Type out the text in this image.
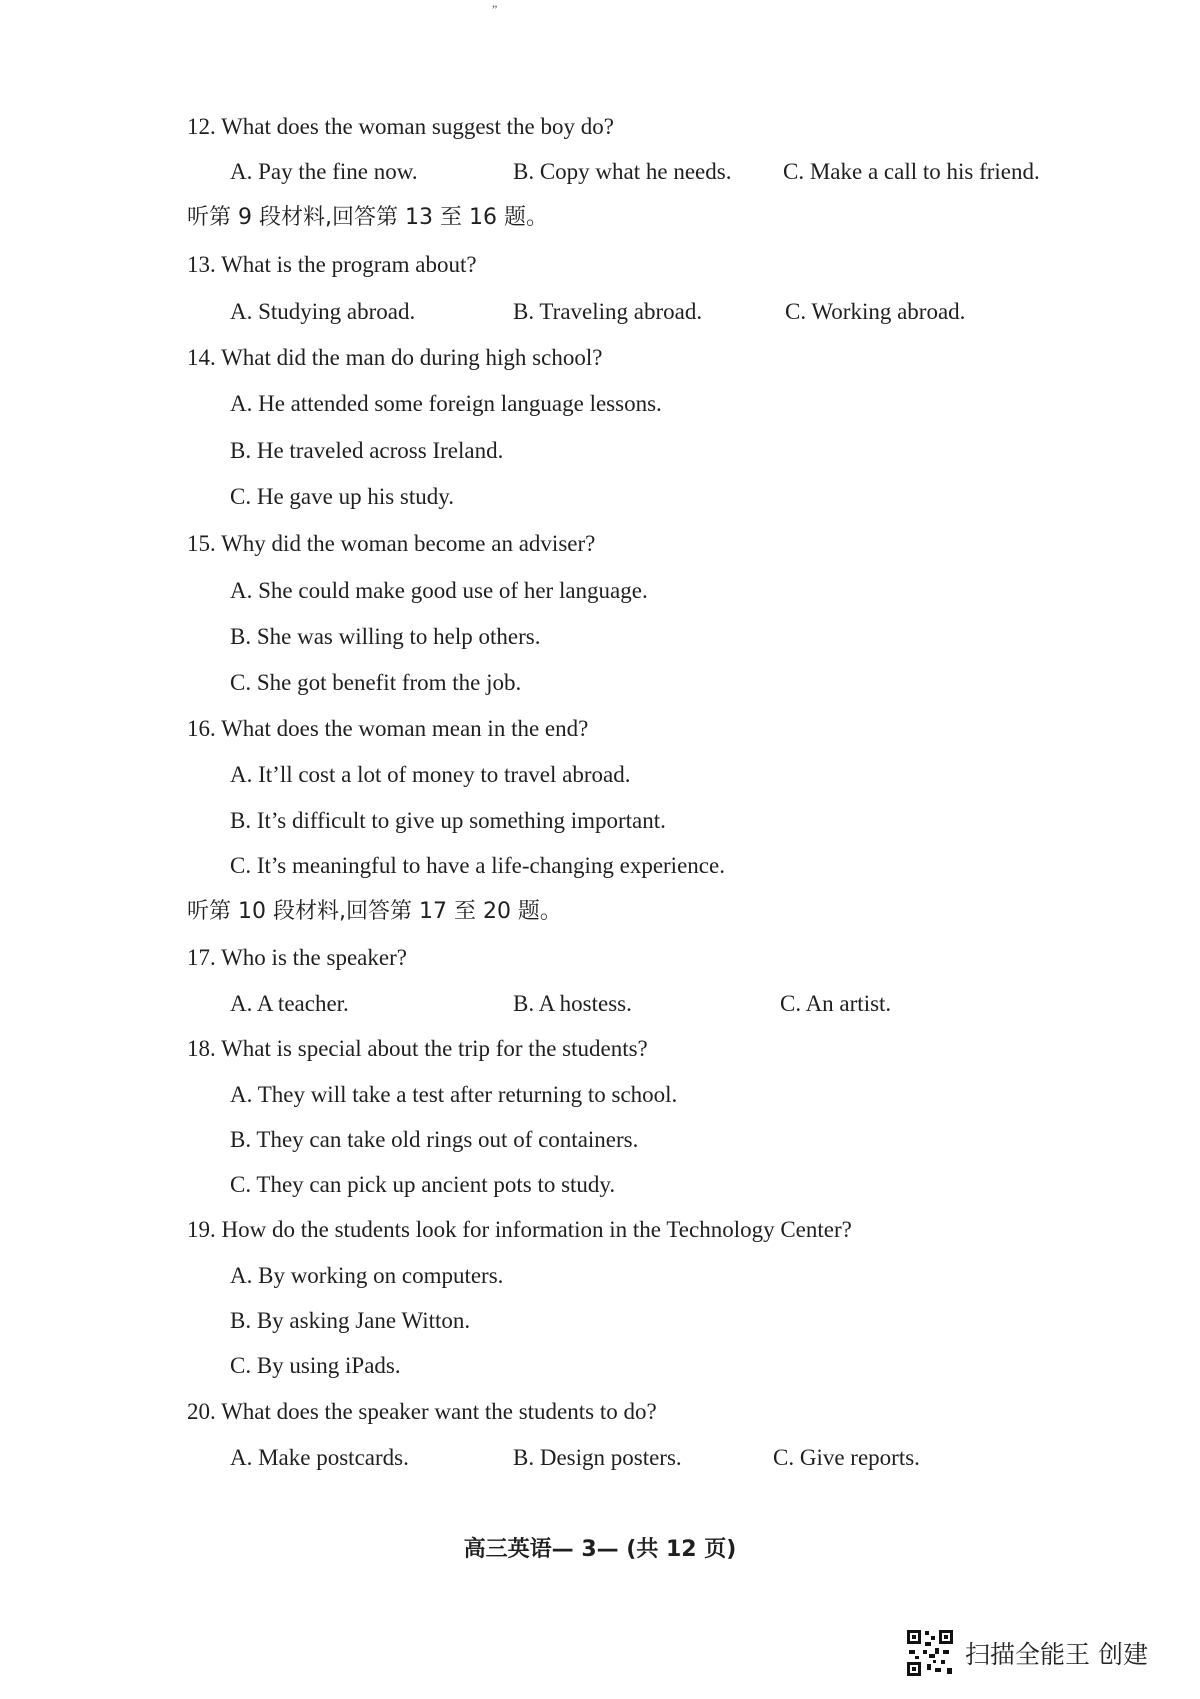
”
12. What does the woman suggest the boy do?
A. Pay the fine now.	B. Copy what he needs. C. Make a call to his friend.
听第 9 段材料,回答第 13 至 16 题。
13. What is the program about?
A. Studying abroad.	B. Traveling abroad.	C. Working abroad.
14. What did the man do during high school?
A. He attended some foreign language lessons.
B. He traveled across Ireland.
C. He gave up his study.
15. Why did the woman become an adviser?
A. She could make good use of her language.
B. She was willing to help others.
C. She got benefit from the job.
16. What does the woman mean in the end?
A. It’ll cost a lot of money to travel abroad.
B. It’s difficult to give up something important.
C. It’s meaningful to have a life-changing experience.
听第 10 段材料,回答第 17 至 20 题。
17. Who is the speaker?
A. A teacher.	B. A hostess.	C. An artist.
18. What is special about the trip for the students?
A. They will take a test after returning to school.
B. They can take old rings out of containers.
C. They can pick up ancient pots to study.
19. How do the students look for information in the Technology Center?
A. By working on computers.
B. By asking Jane Witton.
C. By using iPads.
20. What does the speaker want the students to do?
A. Make postcards.	B. Design posters.	C. Give reports.
高三英语— 3— (共 12 页)
扫描全能王 创建
